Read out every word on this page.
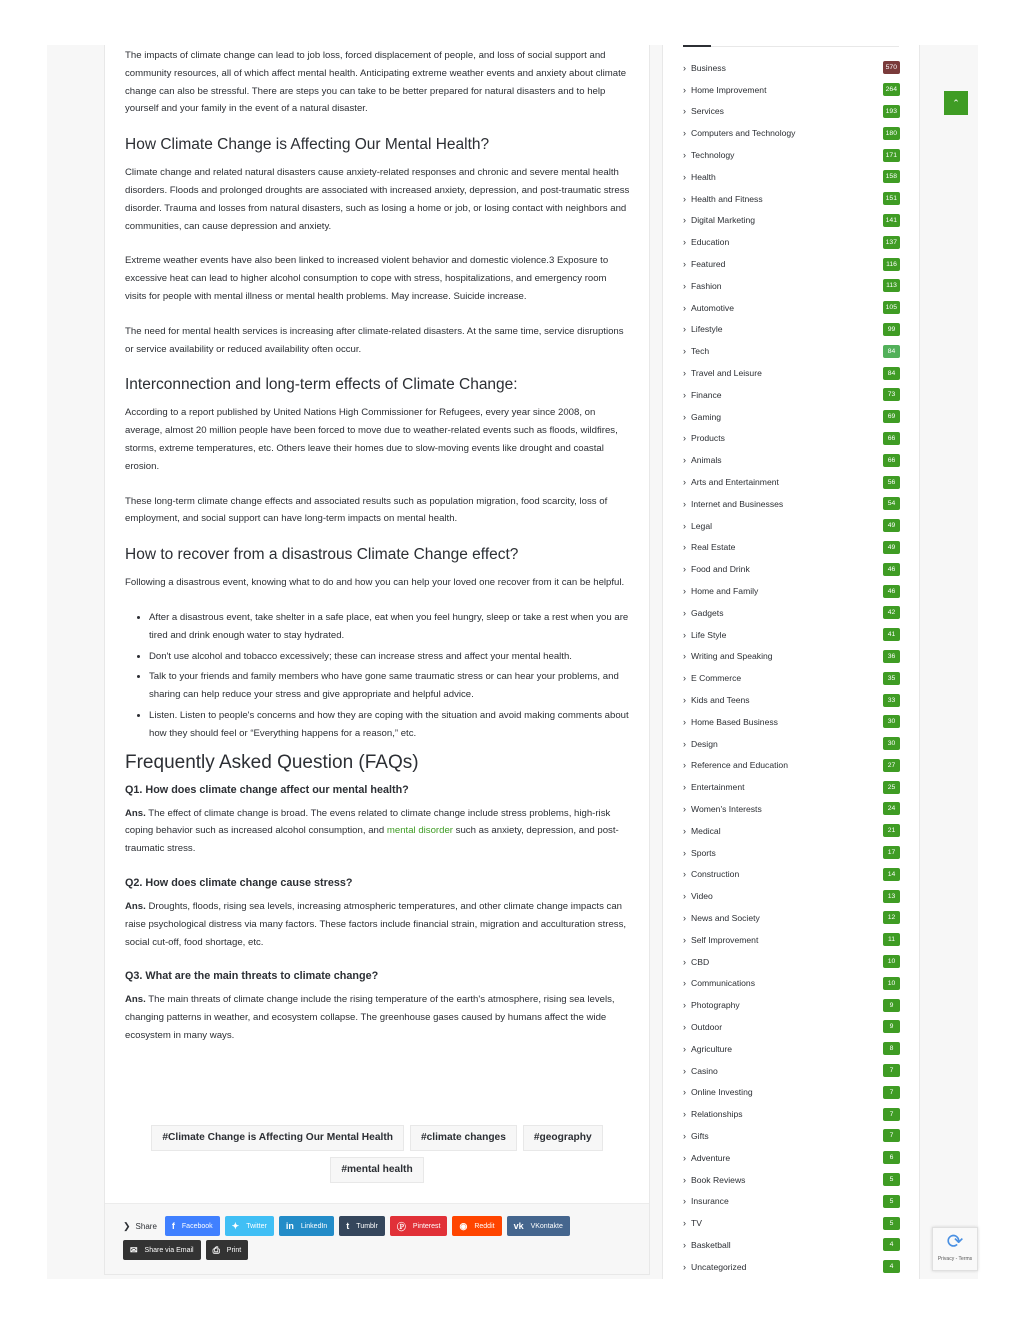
The impacts of climate change can lead to job loss, forced displacement of people, and loss of social support and community resources, all of which affect mental health. Anticipating extreme weather events and anxiety about climate change can also be stressful. There are steps you can take to be better prepared for natural disasters and to help yourself and your family in the event of a natural disaster.

How Climate Change is Affecting Our Mental Health?

Climate change and related natural disasters cause anxiety-related responses and chronic and severe mental health disorders. Floods and prolonged droughts are associated with increased anxiety, depression, and post-traumatic stress disorder. Trauma and losses from natural disasters, such as losing a home or job, or losing contact with neighbors and communities, can cause depression and anxiety.

Extreme weather events have also been linked to increased violent behavior and domestic violence.3 Exposure to excessive heat can lead to higher alcohol consumption to cope with stress, hospitalizations, and emergency room visits for people with mental illness or mental health problems. May increase. Suicide increase.

The need for mental health services is increasing after climate-related disasters. At the same time, service disruptions or service availability or reduced availability often occur.

Interconnection and long-term effects of Climate Change:

According to a report published by United Nations High Commissioner for Refugees, every year since 2008, on average, almost 20 million people have been forced to move due to weather-related events such as floods, wildfires, storms, extreme temperatures, etc. Others leave their homes due to slow-moving events like drought and coastal erosion.

These long-term climate change effects and associated results such as population migration, food scarcity, loss of employment, and social support can have long-term impacts on mental health.

How to recover from a disastrous Climate Change effect?

Following a disastrous event, knowing what to do and how you can help your loved one recover from it can be helpful.

• After a disastrous event, take shelter in a safe place, eat when you feel hungry, sleep or take a rest when you are tired and drink enough water to stay hydrated.
• Don't use alcohol and tobacco excessively; these can increase stress and affect your mental health.
• Talk to your friends and family members who have gone same traumatic stress or can hear your problems, and sharing can help reduce your stress and give appropriate and helpful advice.
• Listen. Listen to people's concerns and how they are coping with the situation and avoid making comments about how they should feel or “Everything happens for a reason,” etc.
Frequently Asked Question (FAQs)
Q1. How does climate change affect our mental health?

Ans. The effect of climate change is broad. The evens related to climate change include stress problems, high-risk coping behavior such as increased alcohol consumption, and mental disorder such as anxiety, depression, and post-traumatic stress.

Q2. How does climate change cause stress?

Ans. Droughts, floods, rising sea levels, increasing atmospheric temperatures, and other climate change impacts can raise psychological distress via many factors. These factors include financial strain, migration and acculturation stress, social cut-off, food shortage, etc.

Q3. What are the main threats to climate change?

Ans. The main threats of climate change include the rising temperature of the earth's atmosphere, rising sea levels, changing patterns in weather, and ecosystem collapse. The greenhouse gases caused by humans affect the wide ecosystem in many ways.

#Climate Change is Affecting Our Mental Health	#climate changes	#geography
#mental health
❯ Share f Facebook ✦ Twitter in LinkedIn t Tumblr Ⓟ Pinterest ◉ Reddit vk VKontakte
✉ Share via Email ⎙ Print
› Business	570
› Home Improvement	264
› Services	193
› Computers and Technology	180
› Technology	171
› Health	158
› Health and Fitness	151
› Digital Marketing	141
› Education	137
› Featured	116
› Fashion	113
› Automotive	105
› Lifestyle	99
› Tech	84
› Travel and Leisure	84
› Finance	73
› Gaming	69
› Products	66
› Animals	66
› Arts and Entertainment	56
› Internet and Businesses	54
› Legal	49
› Real Estate	49
› Food and Drink	46
› Home and Family	46
› Gadgets	42
› Life Style	41
› Writing and Speaking	36
› E Commerce	35
› Kids and Teens	33
› Home Based Business	30
› Design	30
› Reference and Education	27
› Entertainment	25
› Women's Interests	24
› Medical	21
› Sports	17
› Construction	14
› Video	13
› News and Society	12
› Self Improvement	11
› CBD	10
› Communications	10
› Photography	9
› Outdoor	9
› Agriculture	8
› Casino	7
› Online Investing	7
› Relationships	7
› Gifts	7
› Adventure	6
› Book Reviews	5
› Insurance	5
› TV	5
› Basketball	4
› Uncategorized	4
⌃
⟳
Privacy - Terms
